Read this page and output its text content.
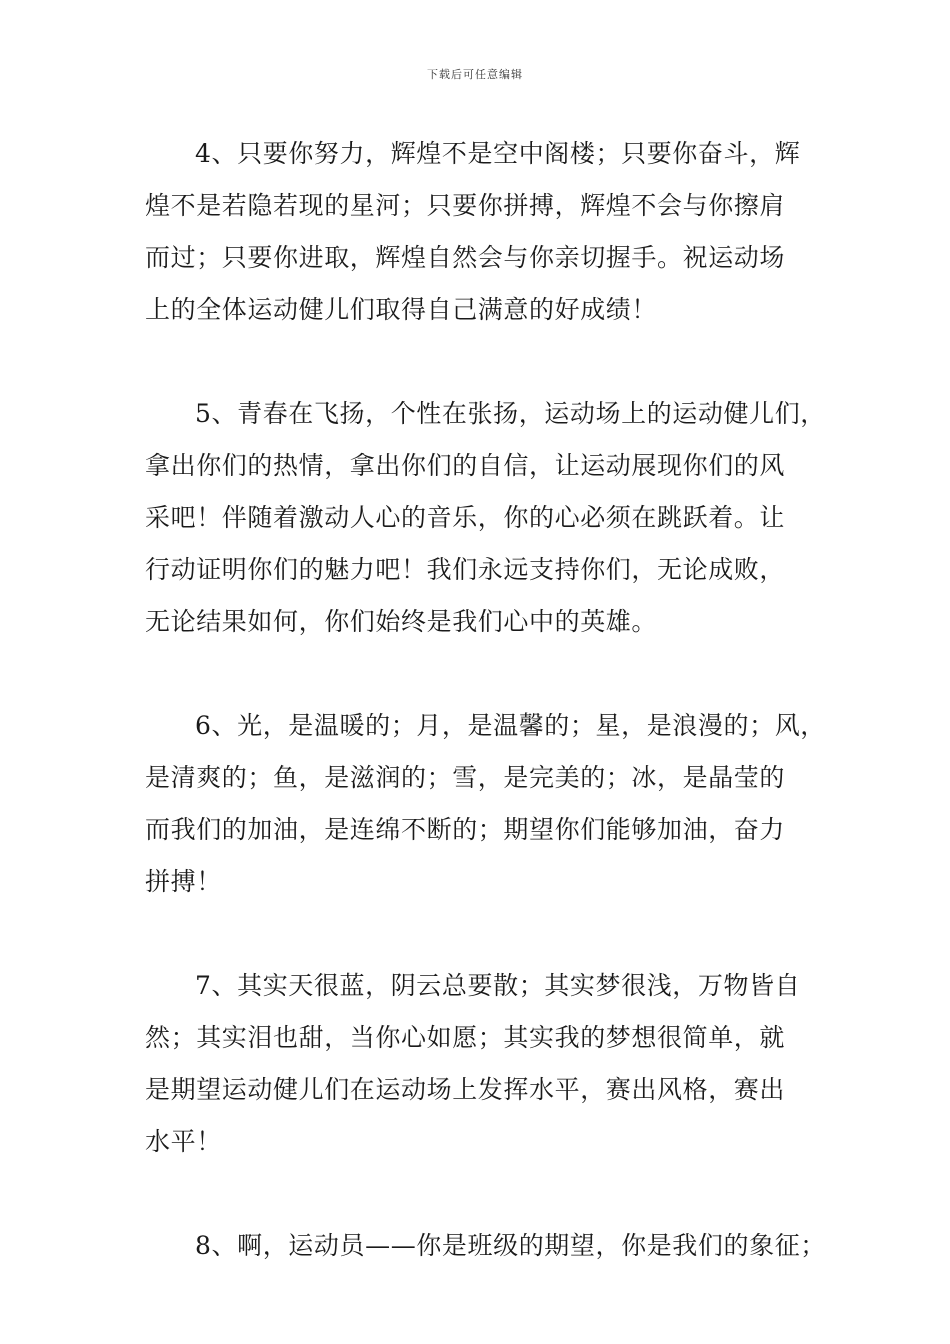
下载后可任意编辑
4、只要你努力，辉煌不是空中阁楼；只要你奋斗，辉
煌不是若隐若现的星河；只要你拼搏，辉煌不会与你擦肩
而过；只要你进取，辉煌自然会与你亲切握手。祝运动场
上的全体运动健儿们取得自己满意的好成绩！
5、青春在飞扬，个性在张扬，运动场上的运动健儿们，
拿出你们的热情，拿出你们的自信，让运动展现你们的风
采吧！伴随着激动人心的音乐，你的心必须在跳跃着。让
行动证明你们的魅力吧！我们永远支持你们，无论成败，
无论结果如何，你们始终是我们心中的英雄。
6、光，是温暖的；月，是温馨的；星，是浪漫的；风，
是清爽的；鱼，是滋润的；雪，是完美的；冰，是晶莹的
而我们的加油，是连绵不断的；期望你们能够加油，奋力
拼搏！
7、其实天很蓝，阴云总要散；其实梦很浅，万物皆自
然；其实泪也甜，当你心如愿；其实我的梦想很简单，就
是期望运动健儿们在运动场上发挥水平，赛出风格，赛出
水平！
8、啊，运动员——你是班级的期望，你是我们的象征；
